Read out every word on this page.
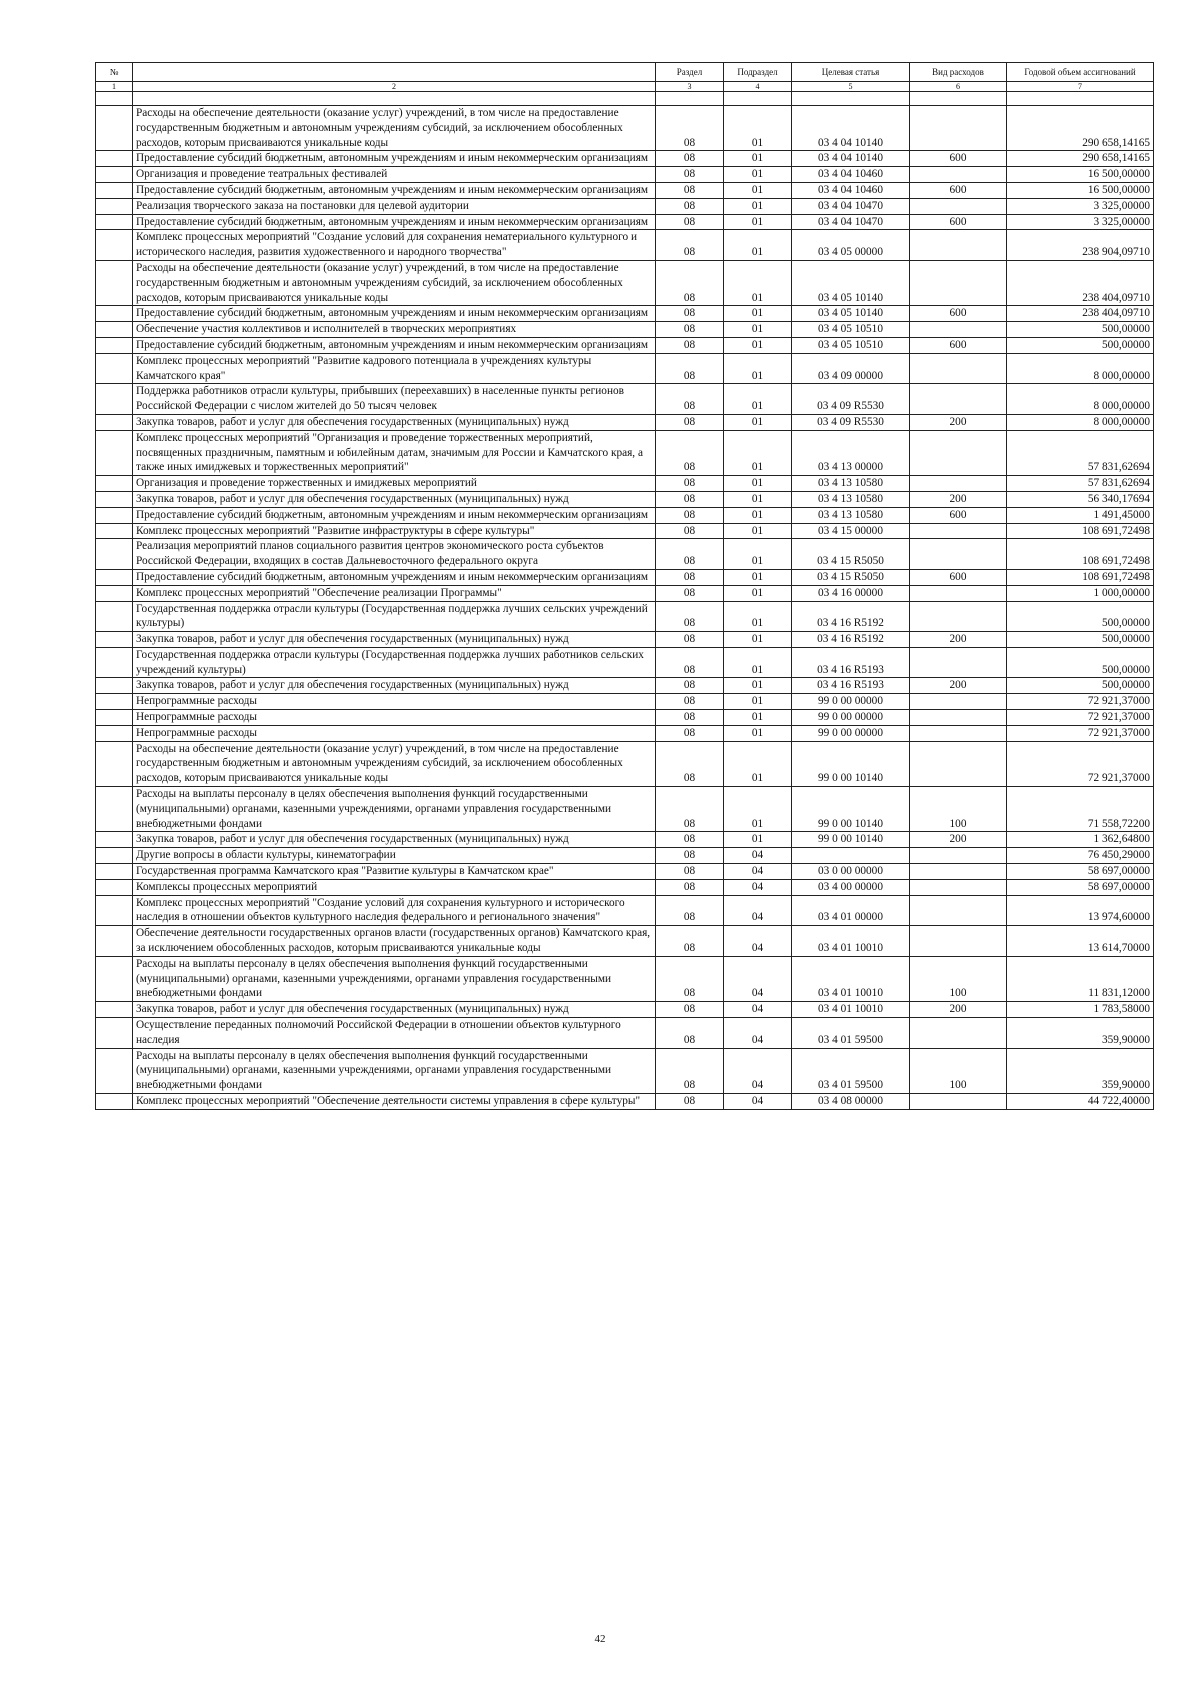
№		Раздел	Подраздел	Целевая статья	Вид расходов	Годовой объем ассигнований
1	2	3	4	5	6	7

	Расходы на обеспечение деятельности (оказание услуг) учреждений, в том числе на предоставление государственным бюджетным и автономным учреждениям субсидий, за исключением обособленных расходов, которым присваиваются уникальные коды	08	01	03 4 04 10140		290 658,14165
	Предоставление субсидий бюджетным, автономным учреждениям и иным некоммерческим организациям	08	01	03 4 04 10140	600	290 658,14165
	Организация и проведение театральных фестивалей	08	01	03 4 04 10460		16 500,00000
	Предоставление субсидий бюджетным, автономным учреждениям и иным некоммерческим организациям	08	01	03 4 04 10460	600	16 500,00000
	Реализация творческого заказа на постановки для целевой аудитории	08	01	03 4 04 10470		3 325,00000
	Предоставление субсидий бюджетным, автономным учреждениям и иным некоммерческим организациям	08	01	03 4 04 10470	600	3 325,00000
	Комплекс процессных мероприятий "Создание условий для сохранения нематериального культурного и исторического наследия, развития художественного и народного творчества"	08	01	03 4 05 00000		238 904,09710
	Расходы на обеспечение деятельности (оказание услуг) учреждений, в том числе на предоставление государственным бюджетным и автономным учреждениям субсидий, за исключением обособленных расходов, которым присваиваются уникальные коды	08	01	03 4 05 10140		238 404,09710
	Предоставление субсидий бюджетным, автономным учреждениям и иным некоммерческим организациям	08	01	03 4 05 10140	600	238 404,09710
	Обеспечение участия коллективов и исполнителей в творческих мероприятиях	08	01	03 4 05 10510		500,00000
	Предоставление субсидий бюджетным, автономным учреждениям и иным некоммерческим организациям	08	01	03 4 05 10510	600	500,00000
	Комплекс процессных мероприятий "Развитие кадрового потенциала в учреждениях культуры Камчатского края"	08	01	03 4 09 00000		8 000,00000
	Поддержка работников отрасли культуры, прибывших (переехавших) в населенные пункты регионов Российской Федерации с числом жителей до 50 тысяч человек	08	01	03 4 09 R5530		8 000,00000
	Закупка товаров, работ и услуг для обеспечения государственных (муниципальных) нужд	08	01	03 4 09 R5530	200	8 000,00000
	Комплекс процессных мероприятий "Организация и проведение торжественных мероприятий, посвященных праздничным, памятным и юбилейным датам, значимым для России и Камчатского края, а также иных имиджевых и торжественных мероприятий"	08	01	03 4 13 00000		57 831,62694
	Организация и проведение торжественных и имиджевых мероприятий	08	01	03 4 13 10580		57 831,62694
	Закупка товаров, работ и услуг для обеспечения государственных (муниципальных) нужд	08	01	03 4 13 10580	200	56 340,17694
	Предоставление субсидий бюджетным, автономным учреждениям и иным некоммерческим организациям	08	01	03 4 13 10580	600	1 491,45000
	Комплекс процессных мероприятий "Развитие инфраструктуры в сфере культуры"	08	01	03 4 15 00000		108 691,72498
	Реализация мероприятий планов социального развития центров экономического роста субъектов Российской Федерации, входящих в состав Дальневосточного федерального округа	08	01	03 4 15 R5050		108 691,72498
	Предоставление субсидий бюджетным, автономным учреждениям и иным некоммерческим организациям	08	01	03 4 15 R5050	600	108 691,72498
	Комплекс процессных мероприятий "Обеспечение реализации Программы"	08	01	03 4 16 00000		1 000,00000
	Государственная поддержка отрасли культуры (Государственная поддержка лучших сельских учреждений культуры)	08	01	03 4 16 R5192		500,00000
	Закупка товаров, работ и услуг для обеспечения государственных (муниципальных) нужд	08	01	03 4 16 R5192	200	500,00000
	Государственная поддержка отрасли культуры (Государственная поддержка лучших работников сельских учреждений культуры)	08	01	03 4 16 R5193		500,00000
	Закупка товаров, работ и услуг для обеспечения государственных (муниципальных) нужд	08	01	03 4 16 R5193	200	500,00000
	Непрограммные расходы	08	01	99 0 00 00000		72 921,37000
	Непрограммные расходы	08	01	99 0 00 00000		72 921,37000
	Непрограммные расходы	08	01	99 0 00 00000		72 921,37000
	Расходы на обеспечение деятельности (оказание услуг) учреждений, в том числе на предоставление государственным бюджетным и автономным учреждениям субсидий, за исключением обособленных расходов, которым присваиваются уникальные коды	08	01	99 0 00 10140		72 921,37000
	Расходы на выплаты персоналу в целях обеспечения выполнения функций государственными (муниципальными) органами, казенными учреждениями, органами управления государственными внебюджетными фондами	08	01	99 0 00 10140	100	71 558,72200
	Закупка товаров, работ и услуг для обеспечения государственных (муниципальных) нужд	08	01	99 0 00 10140	200	1 362,64800
	Другие вопросы в области культуры, кинематографии	08	04			76 450,29000
	Государственная программа Камчатского края "Развитие культуры в Камчатском крае"	08	04	03 0 00 00000		58 697,00000
	Комплексы процессных мероприятий	08	04	03 4 00 00000		58 697,00000
	Комплекс процессных мероприятий "Создание условий для сохранения культурного и исторического наследия в отношении объектов культурного наследия федерального и регионального значения"	08	04	03 4 01 00000		13 974,60000
	Обеспечение деятельности государственных органов власти (государственных органов) Камчатского края, за исключением обособленных расходов, которым присваиваются уникальные коды	08	04	03 4 01 10010		13 614,70000
	Расходы на выплаты персоналу в целях обеспечения выполнения функций государственными (муниципальными) органами, казенными учреждениями, органами управления государственными внебюджетными фондами	08	04	03 4 01 10010	100	11 831,12000
	Закупка товаров, работ и услуг для обеспечения государственных (муниципальных) нужд	08	04	03 4 01 10010	200	1 783,58000
	Осуществление переданных полномочий Российской Федерации в отношении объектов культурного наследия	08	04	03 4 01 59500		359,90000
	Расходы на выплаты персоналу в целях обеспечения выполнения функций государственными (муниципальными) органами, казенными учреждениями, органами управления государственными внебюджетными фондами	08	04	03 4 01 59500	100	359,90000
	Комплекс процессных мероприятий "Обеспечение деятельности системы управления в сфере культуры"	08	04	03 4 08 00000		44 722,40000
42
